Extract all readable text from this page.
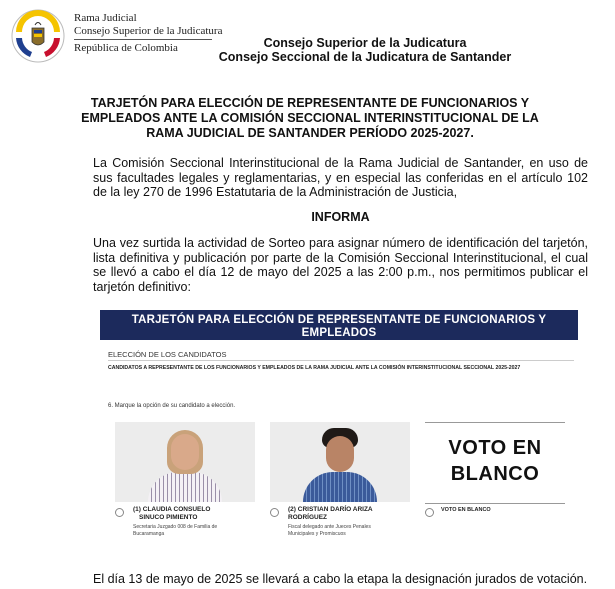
Rama Judicial
Consejo Superior de la Judicatura
República de Colombia	Consejo Superior de la Judicatura
Consejo Seccional de la Judicatura de Santander
TARJETÓN PARA ELECCIÓN DE REPRESENTANTE DE FUNCIONARIOS Y EMPLEADOS ANTE LA COMISIÓN SECCIONAL INTERINSTITUCIONAL DE LA RAMA JUDICIAL DE SANTANDER PERÍODO 2025-2027.
La Comisión Seccional Interinstitucional de la Rama Judicial de Santander, en uso de sus facultades legales y reglamentarias, y en especial las conferidas en el artículo 102 de la ley 270 de 1996 Estatutaria de la Administración de Justicia,
INFORMA
Una vez surtida la actividad de Sorteo para asignar número de identificación del tarjetón, lista definitiva y publicación por parte de la Comisión Seccional Interinstitucional, el cual se llevó a cabo el día 12 de mayo del 2025 a las 2:00 p.m., nos permitimos publicar el tarjetón definitivo:
TARJETÓN PARA ELECCIÓN DE REPRESENTANTE DE FUNCIONARIOS Y EMPLEADOS
ANTE LA COMISIÓN INTERINSTITUCIONAL DE LA RAMA JUDICIAL-SECCIONAL SANTANDER PARA EL PERIODO 2025-2027
ELECCIÓN DE LOS CANDIDATOS
CANDIDATOS A REPRESENTANTE DE LOS FUNCIONARIOS Y EMPLEADOS DE LA RAMA JUDICIAL ANTE LA COMISIÓN INTERINSTITUCIONAL SECCIONAL 2025-2027
6. Marque la opción de su candidato a elección.
(1) CLAUDIA CONSUELO
SINUCO PIMIENTO
Secretaria Juzgado 008 de Familia de
Bucaramanga
(2) CRISTIAN DARÍO ARIZA
RODRÍGUEZ
Fiscal delegado ante Jueces Penales
Municipales y Promiscuos
VOTO EN
BLANCO
VOTO EN BLANCO
El día 13 de mayo de 2025 se llevará a cabo la etapa la designación jurados de votación.
